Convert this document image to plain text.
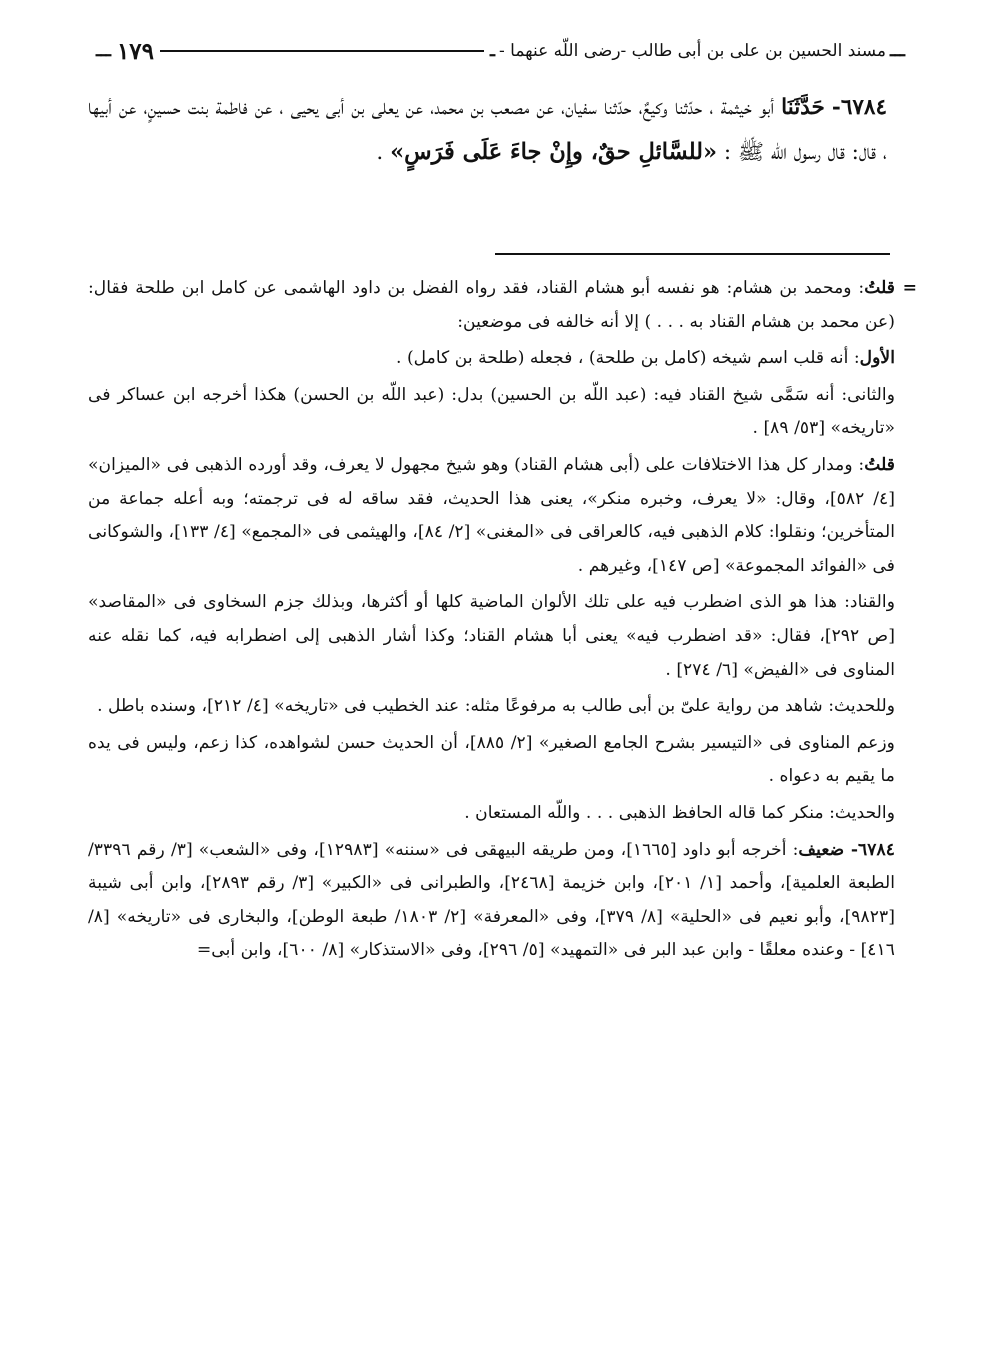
ـــ
مسند الحسين بن على بن أبى طالب -رضى اللّه عنهما -
ـ
١٧٩
ـــ
٦٧٨٤- حَدَّثَنَا أبو خيثمة ، حدّثنا وكيعٌ، حدّثنا سفيان، عن مصعب بن محمد، عن يعلى بن أبى يحيى ، عن فاطمة بنت حسينٍ، عن أبيها ، قال: قال رسول اللّه ﷺ : «للسَّائلِ حقٌ، وإِنْ جاءَ عَلَى فَرَسٍ» .

=
قلتُ: ومحمد بن هشام: هو نفسه أبو هشام القناد، فقد رواه الفضل بن داود الهاشمى عن كامل ابن طلحة فقال: (عن محمد بن هشام القناد به . . . ) إلا أنه خالفه فى موضعين:

الأول: أنه قلب اسم شيخه (كامل بن طلحة) ، فجعله (طلحة بن كامل) .

والثانى: أنه سَمَّى شيخ القناد فيه: (عبد اللّه بن الحسين) بدل: (عبد اللّه بن الحسن) هكذا أخرجه ابن عساكر فى «تاريخه» [٥٣/ ٨٩] .

قلتُ: ومدار كل هذا الاختلافات على (أبى هشام القناد) وهو شيخ مجهول لا يعرف، وقد أورده الذهبى فى «الميزان» [٤/ ٥٨٢]، وقال: «لا يعرف، وخبره منكر»، يعنى هذا الحديث، فقد ساقه له فى ترجمته؛ وبه أعله جماعة من المتأخرين؛ ونقلوا: كلام الذهبى فيه، كالعراقى فى «المغنى» [٢/ ٨٤]، والهيثمى فى «المجمع» [٤/ ١٣٣]، والشوكانى فى «الفوائد المجموعة» [ص ١٤٧]، وغيرهم .

والقناد: هذا هو الذى اضطرب فيه على تلك الألوان الماضية كلها أو أكثرها، وبذلك جزم السخاوى فى «المقاصد» [ص ٢٩٢]، فقال: «قد اضطرب فيه» يعنى أبا هشام القناد؛ وكذا أشار الذهبى إلى اضطرابه فيه، كما نقله عنه المناوى فى «الفيض» [٦/ ٢٧٤] .

وللحديث: شاهد من رواية علىّ بن أبى طالب به مرفوعًا مثله: عند الخطيب فى «تاريخه» [٤/ ٢١٢]، وسنده باطل .

وزعم المناوى فى «التيسير بشرح الجامع الصغير» [٢/ ٨٨٥]، أن الحديث حسن لشواهده، كذا زعم، وليس فى يده ما يقيم به دعواه .

والحديث: منكر كما قاله الحافظ الذهبى . . . واللّه المستعان .

٦٧٨٤- ضعيف: أخرجه أبو داود [١٦٦٥]، ومن طريقه البيهقى فى «سننه» [١٢٩٨٣]، وفى «الشعب» [٣/ رقم ٣٣٩٦/ الطبعة العلمية]، وأحمد [١/ ٢٠١]، وابن خزيمة [٢٤٦٨]، والطبرانى فى «الكبير» [٣/ رقم ٢٨٩٣]، وابن أبى شيبة [٩٨٢٣]، وأبو نعيم فى «الحلية» [٨/ ٣٧٩]، وفى «المعرفة» [٢/ ١٨٠٣/ طبعة الوطن]، والبخارى فى «تاريخه» [٨/ ٤١٦] - وعنده معلقًا - وابن عبد البر فى «التمهيد» [٥/ ٢٩٦]، وفى «الاستذكار» [٨/ ٦٠٠]، وابن أبى=
